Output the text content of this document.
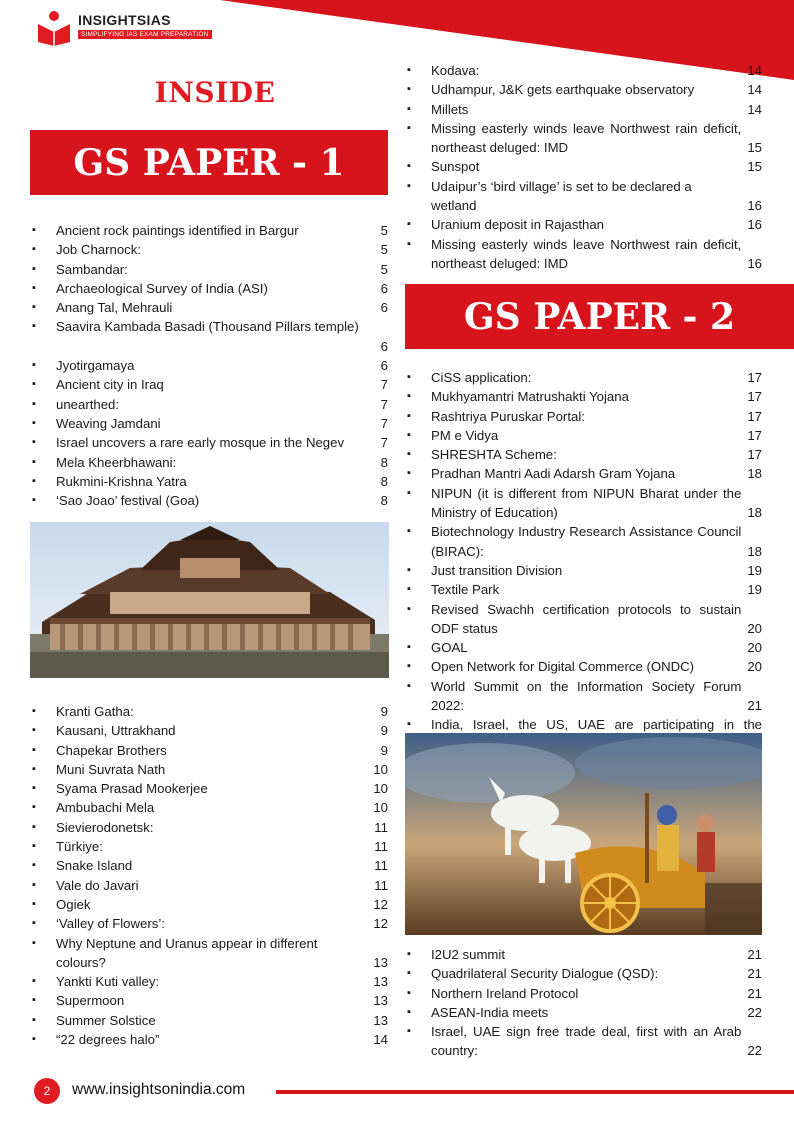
INSIGHTSIAS
SIMPLIFYING IAS EXAM PREPARATION
INSIDE
GS PAPER - 1
▪ Ancient rock paintings identified in Bargur	5
▪ Job Charnock:	5
▪ Sambandar:	5
▪ Archaeological Survey of India (ASI)	6
▪ Anang Tal, Mehrauli	6
▪ Saavira Kambada Basadi (Thousand Pillars temple)
6
▪ Jyotirgamaya	6
▪ Ancient city in Iraq	7
▪ unearthed:	7
▪ Weaving Jamdani	7
▪ Israel uncovers a rare early mosque in the Negev	7
▪ Mela Kheerbhawani:	8
▪ Rukmini-Krishna Yatra	8
▪ ‘Sao Joao’ festival (Goa)	8
▪ Kranti Gatha:	9
▪ Kausani, Uttrakhand	9
▪ Chapekar Brothers	9
▪ Muni Suvrata Nath	10
▪ Syama Prasad Mookerjee	10
▪ Ambubachi Mela	10
▪ Sievierodonetsk:	11
▪ Türkiye:	11
▪ Snake Island	11
▪ Vale do Javari	11
▪ Ogiek	12
▪ ‘Valley of Flowers’:	12
▪ Why Neptune and Uranus appear in different colours?	13
▪ Yankti Kuti valley:	13
▪ Supermoon	13
▪ Summer Solstice	13
▪ “22 degrees halo”	14
▪ Kodava:	14
▪ Udhampur, J&K gets earthquake observatory	14
▪ Millets	14
▪ Missing easterly winds leave Northwest rain deficit, northeast deluged: IMD	15
▪ Sunspot	15
▪ Udaipur’s ‘bird village’ is set to be declared a wetland	16
▪ Uranium deposit in Rajasthan	16
▪ Missing easterly winds leave Northwest rain deficit, northeast deluged: IMD	16
GS PAPER - 2
▪ CiSS application:	17
▪ Mukhyamantri Matrushakti Yojana	17
▪ Rashtriya Puruskar Portal:	17
▪ PM e Vidya	17
▪ SHRESHTA Scheme:	17
▪ Pradhan Mantri Aadi Adarsh Gram Yojana	18
▪ NIPUN (it is different from NIPUN Bharat under the Ministry of Education)	18
▪ Biotechnology Industry Research Assistance Council (BIRAC):	18
▪ Just transition Division	19
▪ Textile Park	19
▪ Revised Swachh certification protocols to sustain ODF status	20
▪ GOAL	20
▪ Open Network for Digital Commerce (ONDC)	20
▪ World Summit on the Information Society Forum 2022:	21
▪ India, Israel, the US, UAE are participating in the
▪ I2U2 summit	21
▪ Quadrilateral Security Dialogue (QSD):	21
▪ Northern Ireland Protocol	21
▪ ASEAN-India meets	22
▪ Israel, UAE sign free trade deal, first with an Arab country:	22
2	www.insightsonindia.com
